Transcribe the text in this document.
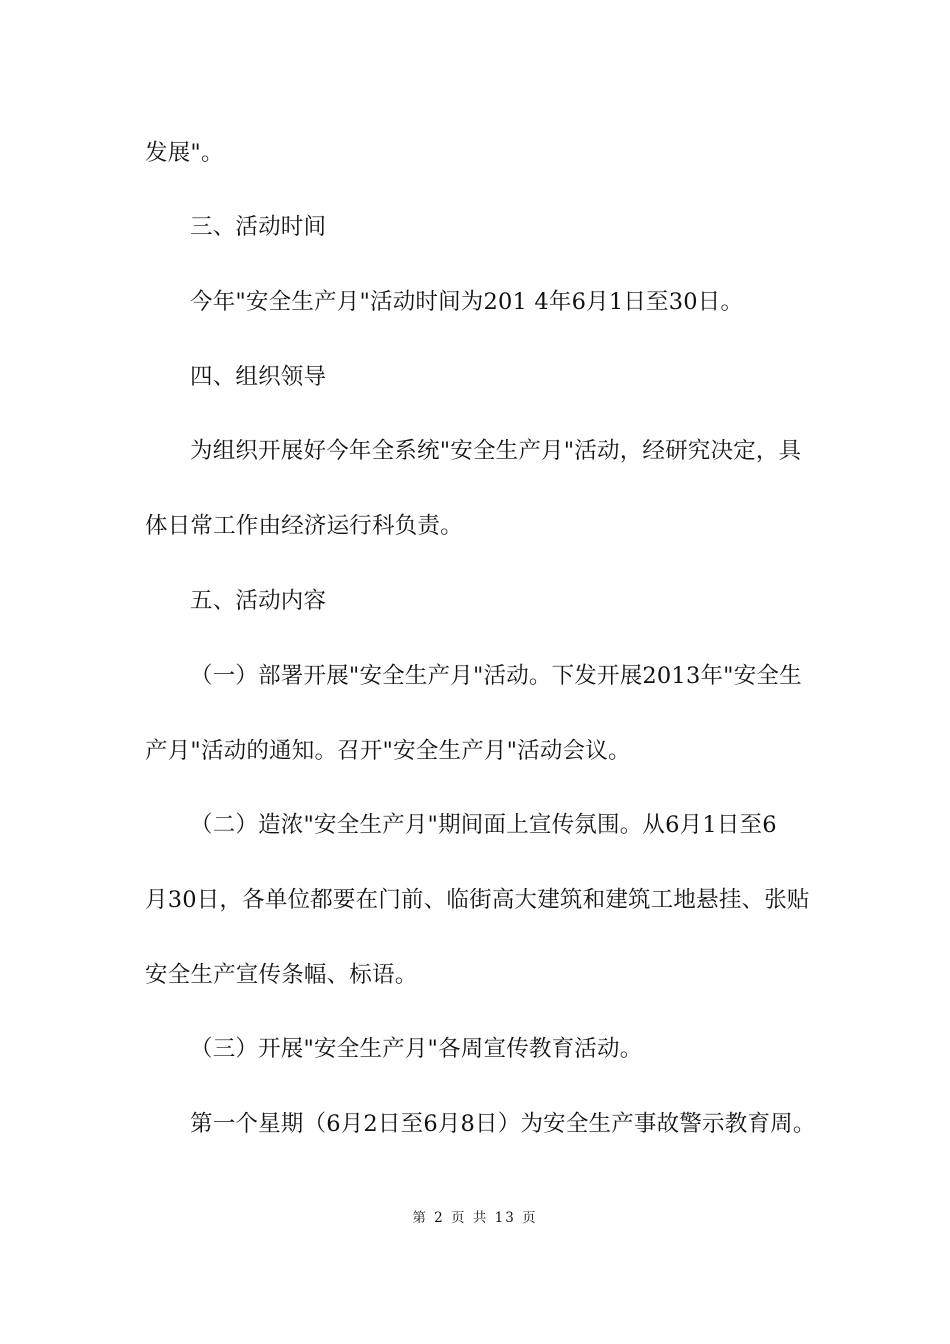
发展"。
三、活动时间
今年"安全生产月"活动时间为201 4年6月1日至30日。
四、组织领导
为组织开展好今年全系统"安全生产月"活动，经研究决定，具
体日常工作由经济运行科负责。
五、活动内容
（一）部署开展"安全生产月"活动。下发开展2013年"安全生
产月"活动的通知。召开"安全生产月"活动会议。
（二）造浓"安全生产月"期间面上宣传氛围。从6月1日至6
月30日，各单位都要在门前、临街高大建筑和建筑工地悬挂、张贴
安全生产宣传条幅、标语。
（三）开展"安全生产月"各周宣传教育活动。
第一个星期（6月2日至6月8日）为安全生产事故警示教育周。
第 2 页 共 13 页
